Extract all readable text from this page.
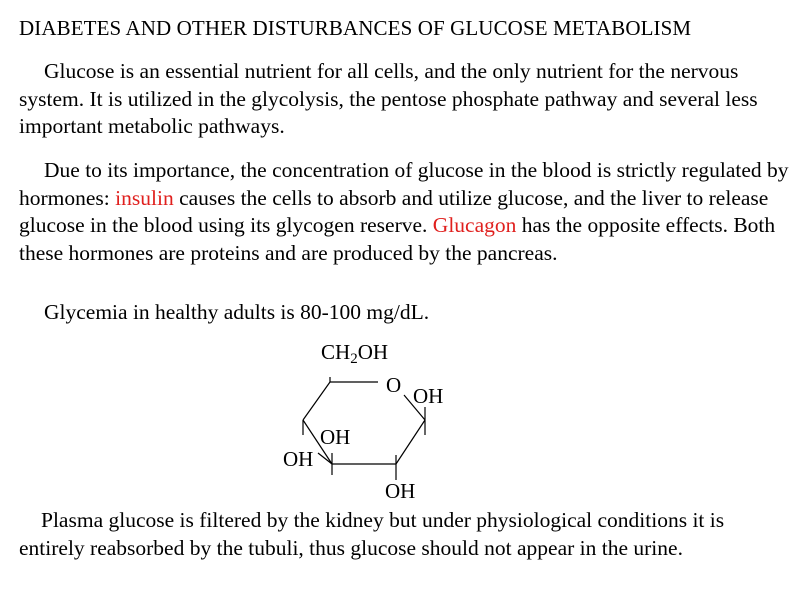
DIABETES AND OTHER DISTURBANCES OF GLUCOSE METABOLISM

Glucose is an essential nutrient for all cells, and the only nutrient for the nervous system. It is utilized in the glycolysis, the pentose phosphate pathway and several less important metabolic pathways.

Due to its importance, the concentration of glucose in the blood is strictly regulated by hormones: insulin causes the cells to absorb and utilize glucose, and the liver to release glucose in the blood using its glycogen reserve. Glucagon has the opposite effects. Both these hormones are proteins and are produced by the pancreas.

Glycemia in healthy adults is 80-100 mg/dL.

CH2OH
O OH
OH
OH
OH

Plasma glucose is filtered by the kidney but under physiological conditions it is entirely reabsorbed by the tubuli, thus glucose should not appear in the urine.
